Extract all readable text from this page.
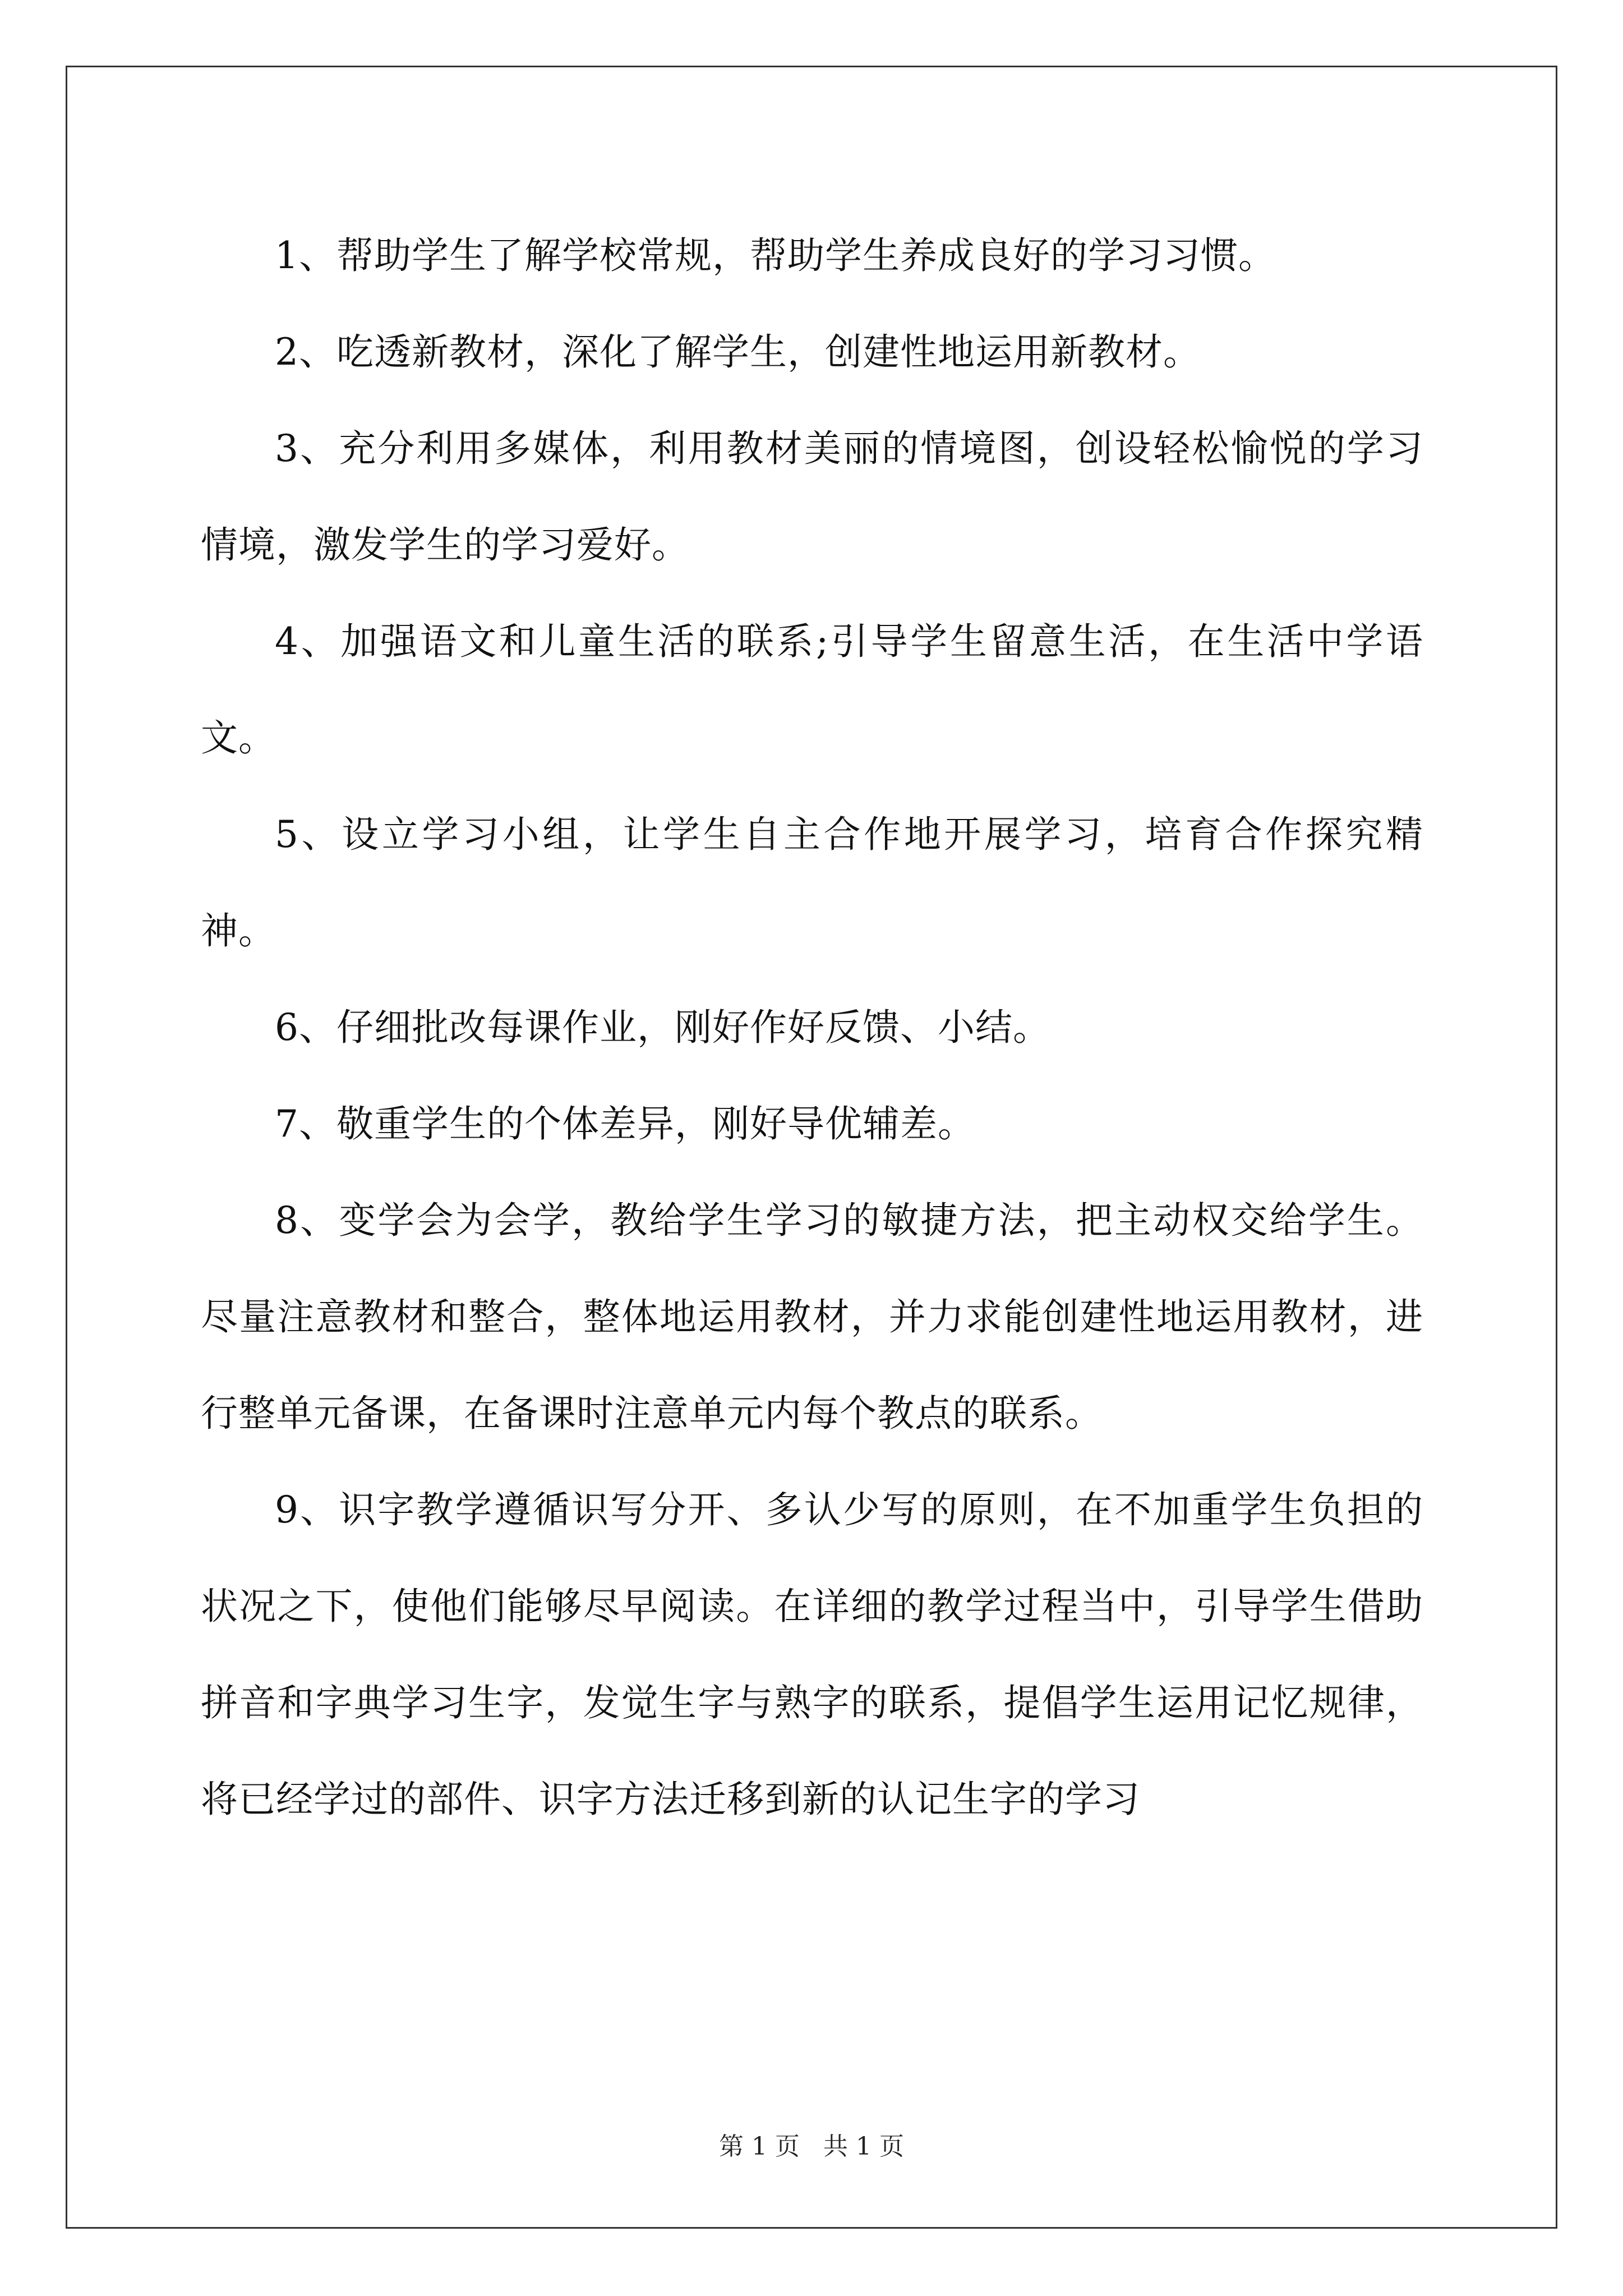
1、帮助学生了解学校常规，帮助学生养成良好的学习习惯。

2、吃透新教材，深化了解学生，创建性地运用新教材。

3、充分利用多媒体，利用教材美丽的情境图，创设轻松愉悦的学习情境，激发学生的学习爱好。

4、加强语文和儿童生活的联系;引导学生留意生活，在生活中学语文。

5、设立学习小组，让学生自主合作地开展学习，培育合作探究精神。

6、仔细批改每课作业，刚好作好反馈、小结。

7、敬重学生的个体差异，刚好导优辅差。

8、变学会为会学，教给学生学习的敏捷方法，把主动权交给学生。尽量注意教材和整合，整体地运用教材，并力求能创建性地运用教材，进行整单元备课，在备课时注意单元内每个教点的联系。

9、识字教学遵循识写分开、多认少写的原则，在不加重学生负担的状况之下，使他们能够尽早阅读。在详细的教学过程当中，引导学生借助拼音和字典学习生字，发觉生字与熟字的联系，提倡学生运用记忆规律，将已经学过的部件、识字方法迁移到新的认记生字的学习

第 1 页   共 1 页
